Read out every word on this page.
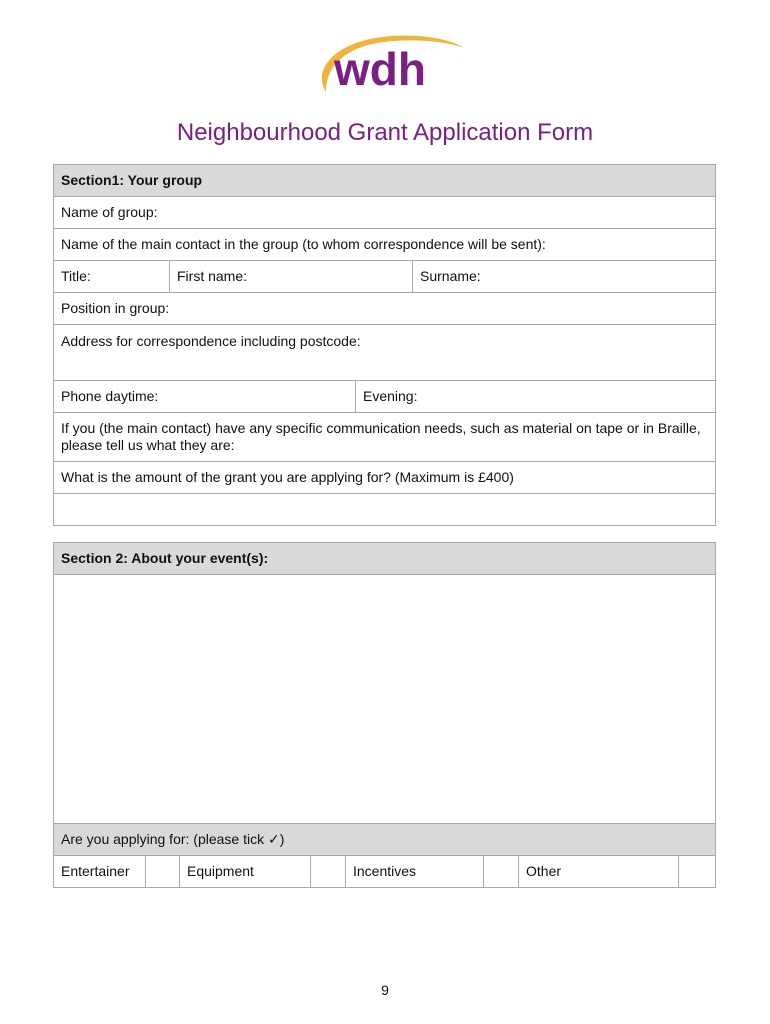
wdh
Neighbourhood Grant Application Form
Section1: Your group			
Name of group:			
Name of the main contact in the group (to whom correspondence will be sent):			
Title:	First name:		Surname:
Position in group:			
Address for correspondence including postcode:			
Phone daytime:		Evening:	
If you (the main contact) have any specific communication needs, such as material on tape or in Braille, please tell us what they are:			
What is the amount of the grant you are applying for? (Maximum is £400)			

Section 2: About your event(s):

Are you applying for: (please tick ✓)
Entertainer		Equipment		Incentives		Other	
9
